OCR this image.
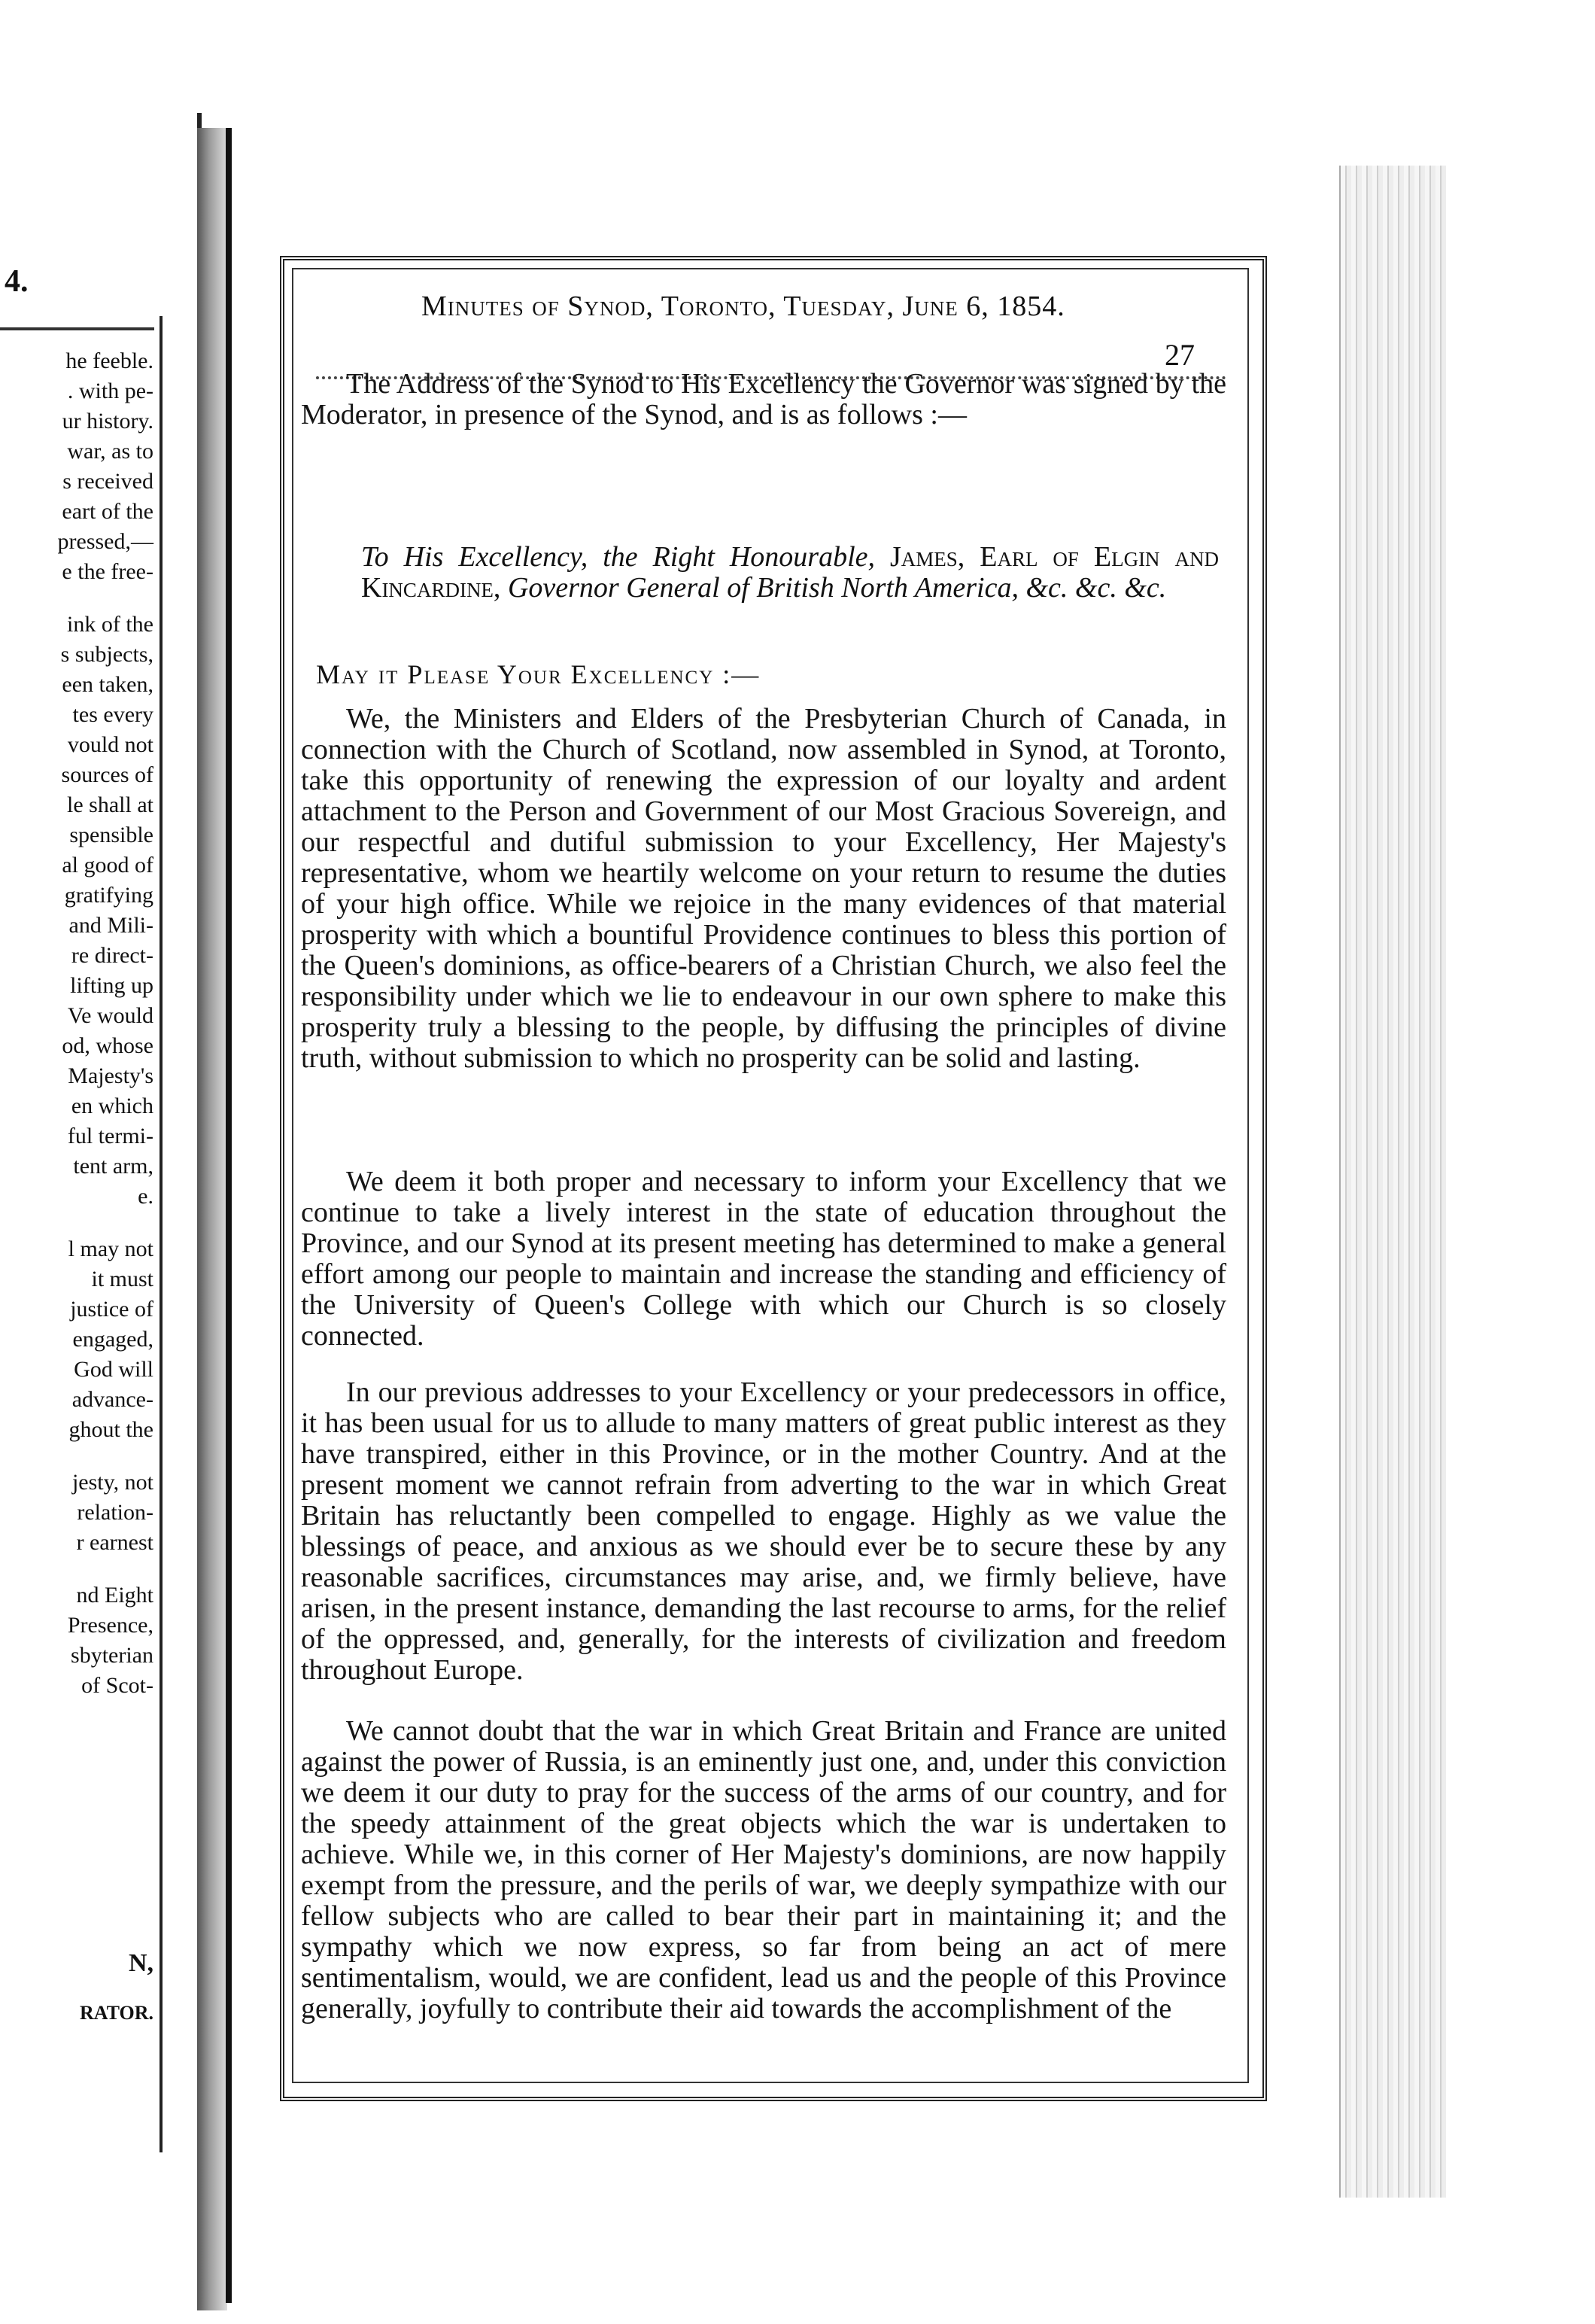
4.
he feeble.
. with pe-
ur history.
war, as to
s received
eart of the
pressed,—
e the free-
ink of the
s subjects,
een taken,
tes every
vould not
sources of
le shall at
spensible
al good of
gratifying
and Mili-
re direct-
lifting up
Ve would
od, whose
Majesty's
en which
ful termi-
tent arm,
e.
l may not
it must
justice of
engaged,
God will
advance-
ghout the
jesty, not
relation-
r earnest
nd Eight
Presence,
sbyterian
of Scot-
N,
RATOR.
Minutes of Synod, Toronto, Tuesday, June 6, 1854.
27

The Address of the Synod to His Excellency the Governor was signed by the Moderator, in presence of the Synod, and is as follows :—

To His Excellency, the Right Honourable, James, Earl of Elgin and Kincardine, Governor General of British North America, &c. &c. &c.
May it Please Your Excellency :—

We, the Ministers and Elders of the Presbyterian Church of Canada, in connection with the Church of Scotland, now assembled in Synod, at Toronto, take this opportunity of renewing the expression of our loyalty and ardent attachment to the Person and Government of our Most Gracious Sovereign, and our respectful and dutiful submission to your Excellency, Her Majesty's representative, whom we heartily welcome on your return to resume the duties of your high office. While we rejoice in the many evidences of that material prosperity with which a bountiful Providence continues to bless this portion of the Queen's dominions, as office-bearers of a Christian Church, we also feel the responsibility under which we lie to endeavour in our own sphere to make this prosperity truly a blessing to the people, by diffusing the principles of divine truth, without submission to which no prosperity can be solid and lasting.

We deem it both proper and necessary to inform your Excellency that we continue to take a lively interest in the state of education throughout the Province, and our Synod at its present meeting has determined to make a general effort among our people to maintain and increase the standing and efficiency of the University of Queen's College with which our Church is so closely connected.

In our previous addresses to your Excellency or your predecessors in office, it has been usual for us to allude to many matters of great public interest as they have transpired, either in this Province, or in the mother Country. And at the present moment we cannot refrain from adverting to the war in which Great Britain has reluctantly been compelled to engage. Highly as we value the blessings of peace, and anxious as we should ever be to secure these by any reasonable sacrifices, circumstances may arise, and, we firmly believe, have arisen, in the present instance, demanding the last recourse to arms, for the relief of the oppressed, and, generally, for the interests of civilization and freedom throughout Europe.

We cannot doubt that the war in which Great Britain and France are united against the power of Russia, is an eminently just one, and, under this conviction we deem it our duty to pray for the success of the arms of our country, and for the speedy attainment of the great objects which the war is undertaken to achieve. While we, in this corner of Her Majesty's dominions, are now happily exempt from the pressure, and the perils of war, we deeply sympathize with our fellow subjects who are called to bear their part in maintaining it; and the sympathy which we now express, so far from being an act of mere sentimentalism, would, we are confident, lead us and the people of this Province generally, joyfully to contribute their aid towards the accomplishment of the
